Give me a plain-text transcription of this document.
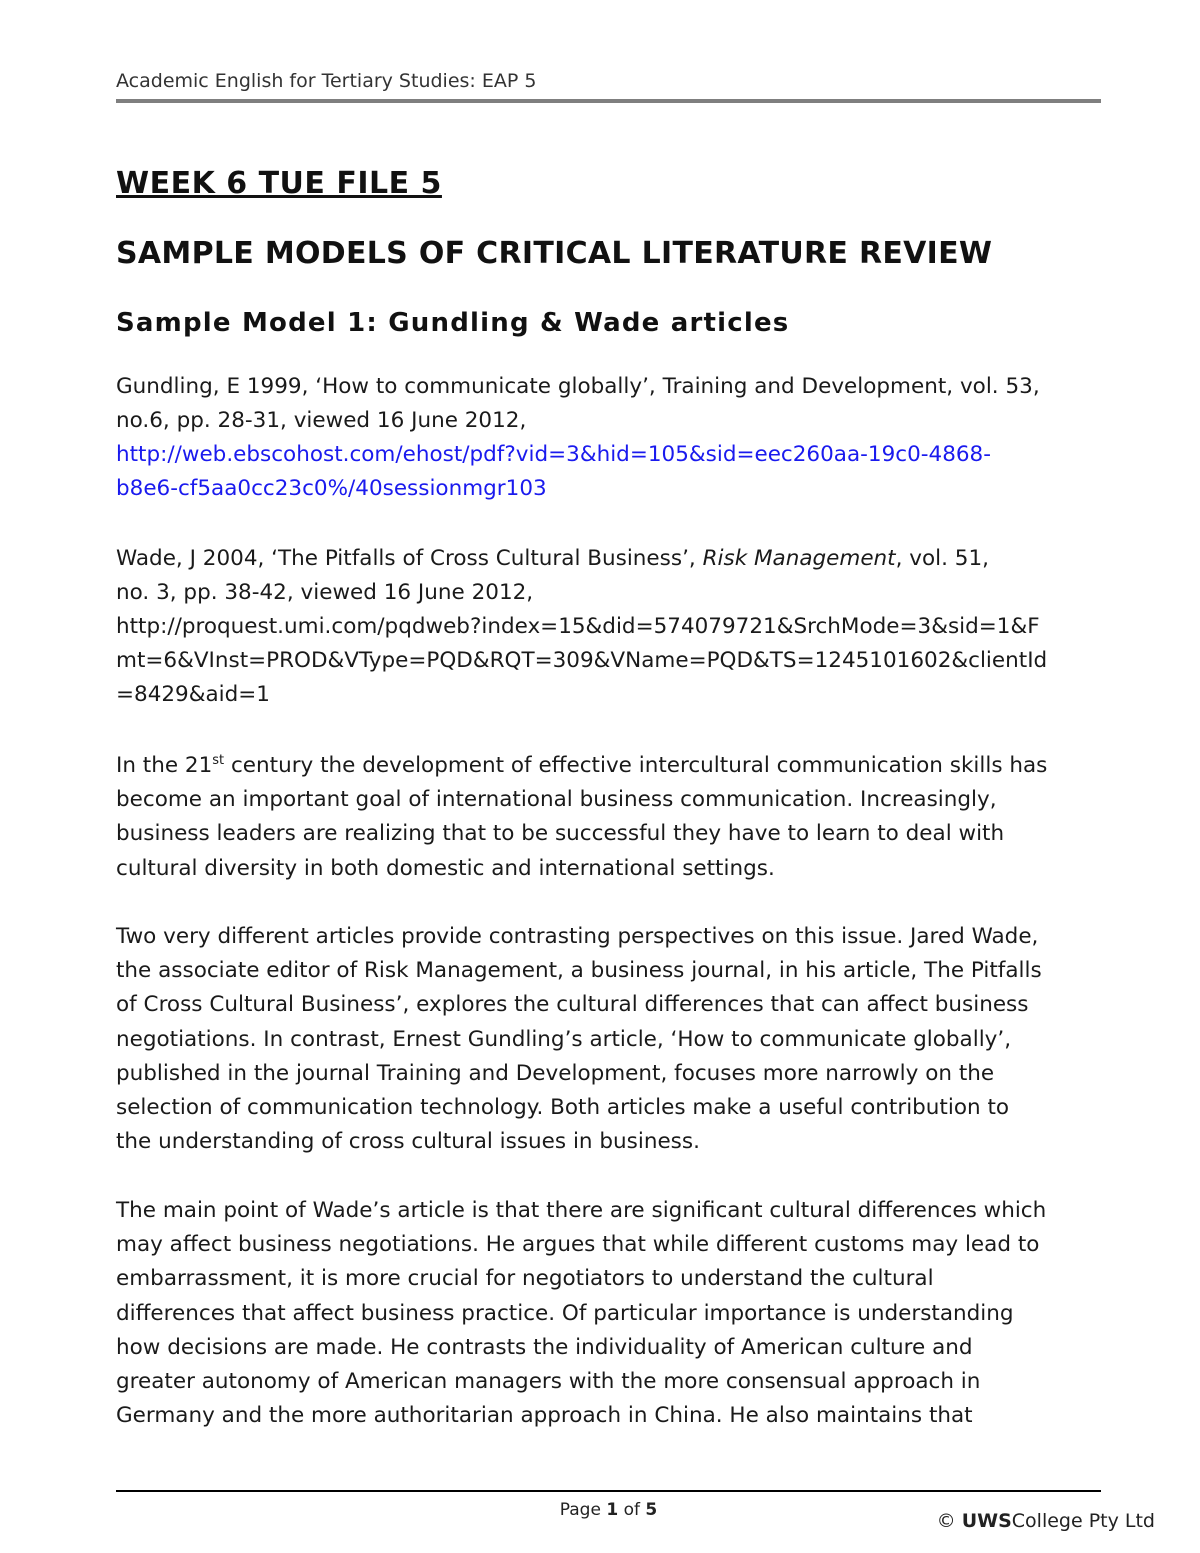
Academic English for Tertiary Studies: EAP 5
WEEK 6 TUE FILE 5
SAMPLE MODELS OF CRITICAL LITERATURE REVIEW
Sample Model 1: Gundling & Wade articles
Gundling, E 1999, ‘How to communicate globally’, Training and Development, vol. 53,
no.6, pp. 28-31, viewed 16 June 2012,
http://web.ebscohost.com/ehost/pdf?vid=3&hid=105&sid=eec260aa-19c0-4868-
b8e6-cf5aa0cc23c0%/40sessionmgr103
Wade, J 2004, ‘The Pitfalls of Cross Cultural Business’, Risk Management, vol. 51,
no. 3, pp. 38-42, viewed 16 June 2012,
http://proquest.umi.com/pqdweb?index=15&did=574079721&SrchMode=3&sid=1&F
mt=6&VInst=PROD&VType=PQD&RQT=309&VName=PQD&TS=1245101602&clientId
=8429&aid=1
In the 21st century the development of effective intercultural communication skills has
become an important goal of international business communication. Increasingly,
business leaders are realizing that to be successful they have to learn to deal with
cultural diversity in both domestic and international settings.
Two very different articles provide contrasting perspectives on this issue. Jared Wade,
the associate editor of Risk Management, a business journal, in his article, The Pitfalls
of Cross Cultural Business’, explores the cultural differences that can affect business
negotiations. In contrast, Ernest Gundling’s article, ‘How to communicate globally’,
published in the journal Training and Development, focuses more narrowly on the
selection of communication technology. Both articles make a useful contribution to
the understanding of cross cultural issues in business.
The main point of Wade’s article is that there are significant cultural differences which
may affect business negotiations. He argues that while different customs may lead to
embarrassment, it is more crucial for negotiators to understand the cultural
differences that affect business practice. Of particular importance is understanding
how decisions are made. He contrasts the individuality of American culture and
greater autonomy of American managers with the more consensual approach in
Germany and the more authoritarian approach in China. He also maintains that
Page 1 of 5	© UWSCollege Pty Ltd
